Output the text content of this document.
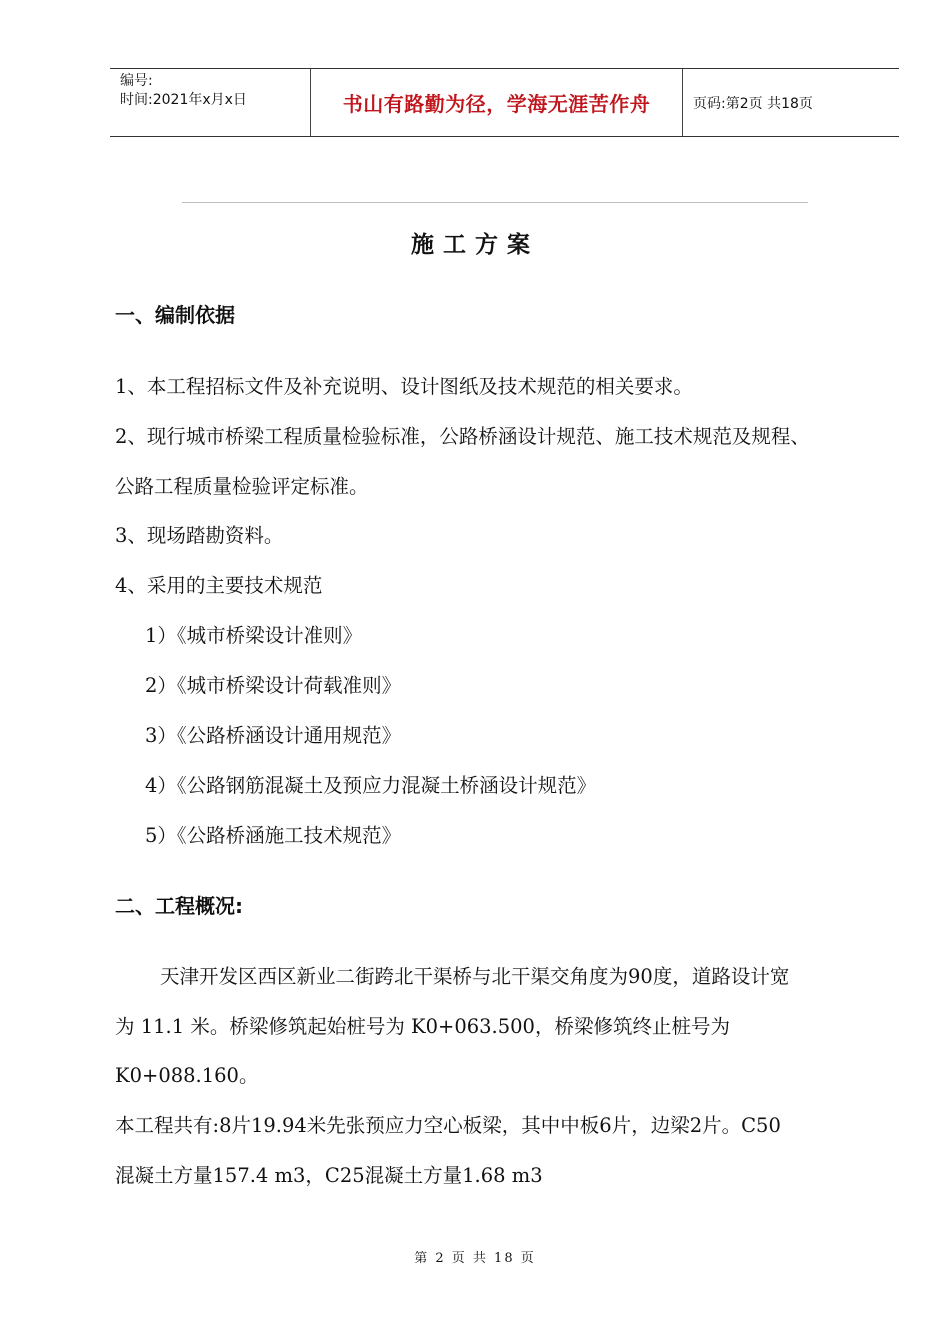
编号:
时间:2021年x月x日	书山有路勤为径，学海无涯苦作舟	页码:第2页 共18页
施工方案
一、编制依据
1、本工程招标文件及补充说明、设计图纸及技术规范的相关要求。
2、现行城市桥梁工程质量检验标准，公路桥涵设计规范、施工技术规范及规程、
公路工程质量检验评定标准。
3、现场踏勘资料。
4、采用的主要技术规范
1）《城市桥梁设计准则》
2）《城市桥梁设计荷载准则》
3）《公路桥涵设计通用规范》
4）《公路钢筋混凝土及预应力混凝土桥涵设计规范》
5）《公路桥涵施工技术规范》
二、工程概况:
天津开发区西区新业二街跨北干渠桥与北干渠交角度为90度，道路设计宽
为 11.1 米。桥梁修筑起始桩号为 K0+063.500，桥梁修筑终止桩号为
K0+088.160。
本工程共有:8片19.94米先张预应力空心板梁，其中中板6片，边梁2片。C50
混凝土方量157.4 m3，C25混凝土方量1.68 m3
第 2 页 共 18 页
